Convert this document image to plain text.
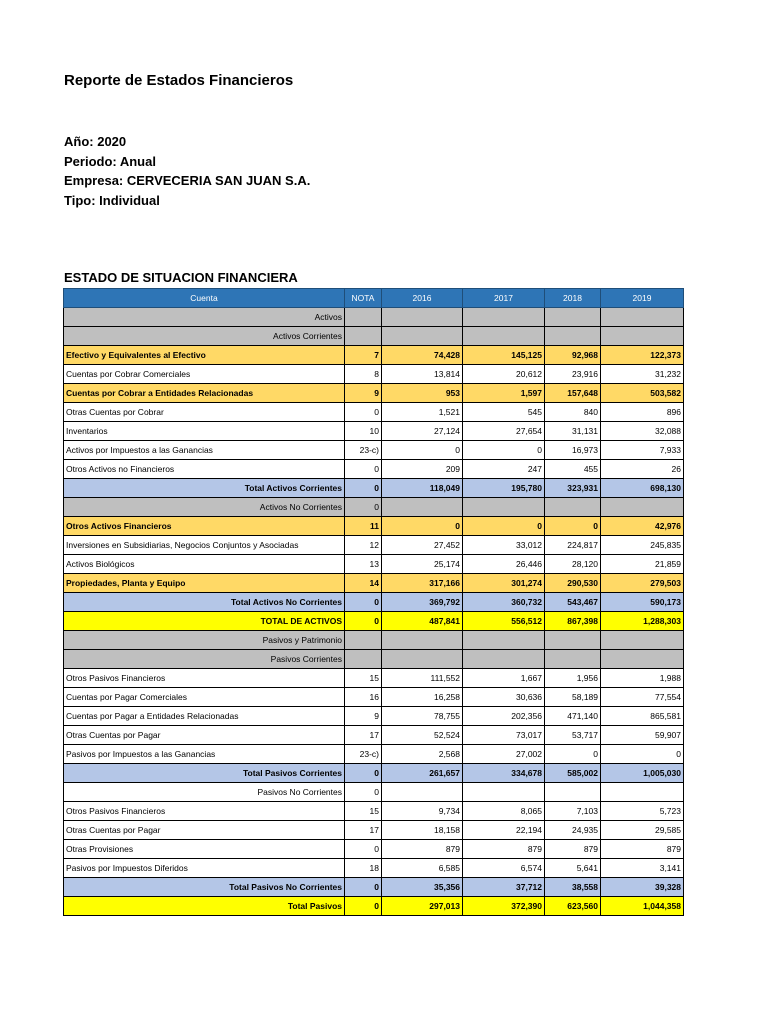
Reporte de Estados Financieros
Año: 2020
Periodo: Anual
Empresa: CERVECERIA SAN JUAN S.A.
Tipo: Individual
ESTADO DE SITUACION FINANCIERA
Cuenta	NOTA	2016	2017	2018	2019
Activos					
Activos Corrientes					
Efectivo y Equivalentes al Efectivo	7	74,428	145,125	92,968	122,373
Cuentas por Cobrar Comerciales	8	13,814	20,612	23,916	31,232
Cuentas por Cobrar a Entidades Relacionadas	9	953	1,597	157,648	503,582
Otras Cuentas por Cobrar	0	1,521	545	840	896
Inventarios	10	27,124	27,654	31,131	32,088
Activos por Impuestos a las Ganancias	23-c)	0	0	16,973	7,933
Otros Activos no Financieros	0	209	247	455	26
Total Activos Corrientes	0	118,049	195,780	323,931	698,130
Activos No Corrientes	0				
Otros Activos Financieros	11	0	0	0	42,976
Inversiones en Subsidiarias, Negocios Conjuntos y Asociadas	12	27,452	33,012	224,817	245,835
Activos Biológicos	13	25,174	26,446	28,120	21,859
Propiedades, Planta y Equipo	14	317,166	301,274	290,530	279,503
Total Activos No Corrientes	0	369,792	360,732	543,467	590,173
TOTAL DE ACTIVOS	0	487,841	556,512	867,398	1,288,303
Pasivos y Patrimonio					
Pasivos Corrientes					
Otros Pasivos Financieros	15	111,552	1,667	1,956	1,988
Cuentas por Pagar Comerciales	16	16,258	30,636	58,189	77,554
Cuentas por Pagar a Entidades Relacionadas	9	78,755	202,356	471,140	865,581
Otras Cuentas por Pagar	17	52,524	73,017	53,717	59,907
Pasivos por Impuestos a las Ganancias	23-c)	2,568	27,002	0	0
Total Pasivos Corrientes	0	261,657	334,678	585,002	1,005,030
Pasivos No Corrientes	0				
Otros Pasivos Financieros	15	9,734	8,065	7,103	5,723
Otras Cuentas por Pagar	17	18,158	22,194	24,935	29,585
Otras Provisiones	0	879	879	879	879
Pasivos por Impuestos Diferidos	18	6,585	6,574	5,641	3,141
Total Pasivos No Corrientes	0	35,356	37,712	38,558	39,328
Total Pasivos	0	297,013	372,390	623,560	1,044,358
